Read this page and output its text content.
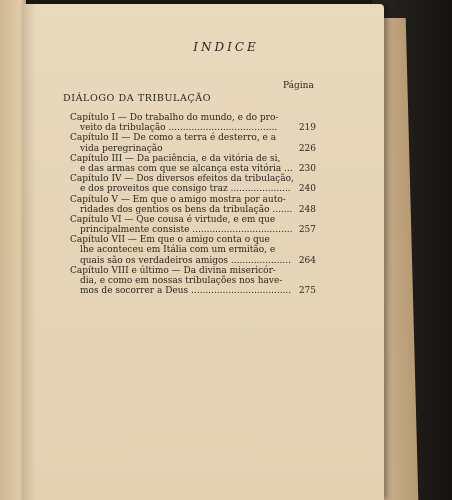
INDICE
Página
DIÁLOGO DA TRIBULAÇÃO
Capítulo I — Do trabalho do mundo, e do pro-
veito da tribulação ...................................... 219
Capítulo II — De como a terra é desterro, e a
vida peregrinação	226
Capítulo III — Da paciência, e da vitória de si,
e das armas com que se alcança esta vitória ... 230
Capítulo IV — Dos diversos efeitos da tribulação,
e dos proveitos que consigo traz ..................... 240
Capítulo V — Em que o amigo mostra por auto-
ridades dos gentios os bens da tribulação ....... 248
Capítulo VI — Que cousa é virtude, e em que
principalmente consiste ................................... 257
Capítulo VII — Em que o amigo conta o que
lhe aconteceu em Itália com um ermitão, e
quais são os verdadeiros amigos ..................... 264
Capítulo VIII e último — Da divina misericór-
dia, e como em nossas tribulações nos have-
mos de socorrer a Deus ................................... 275
